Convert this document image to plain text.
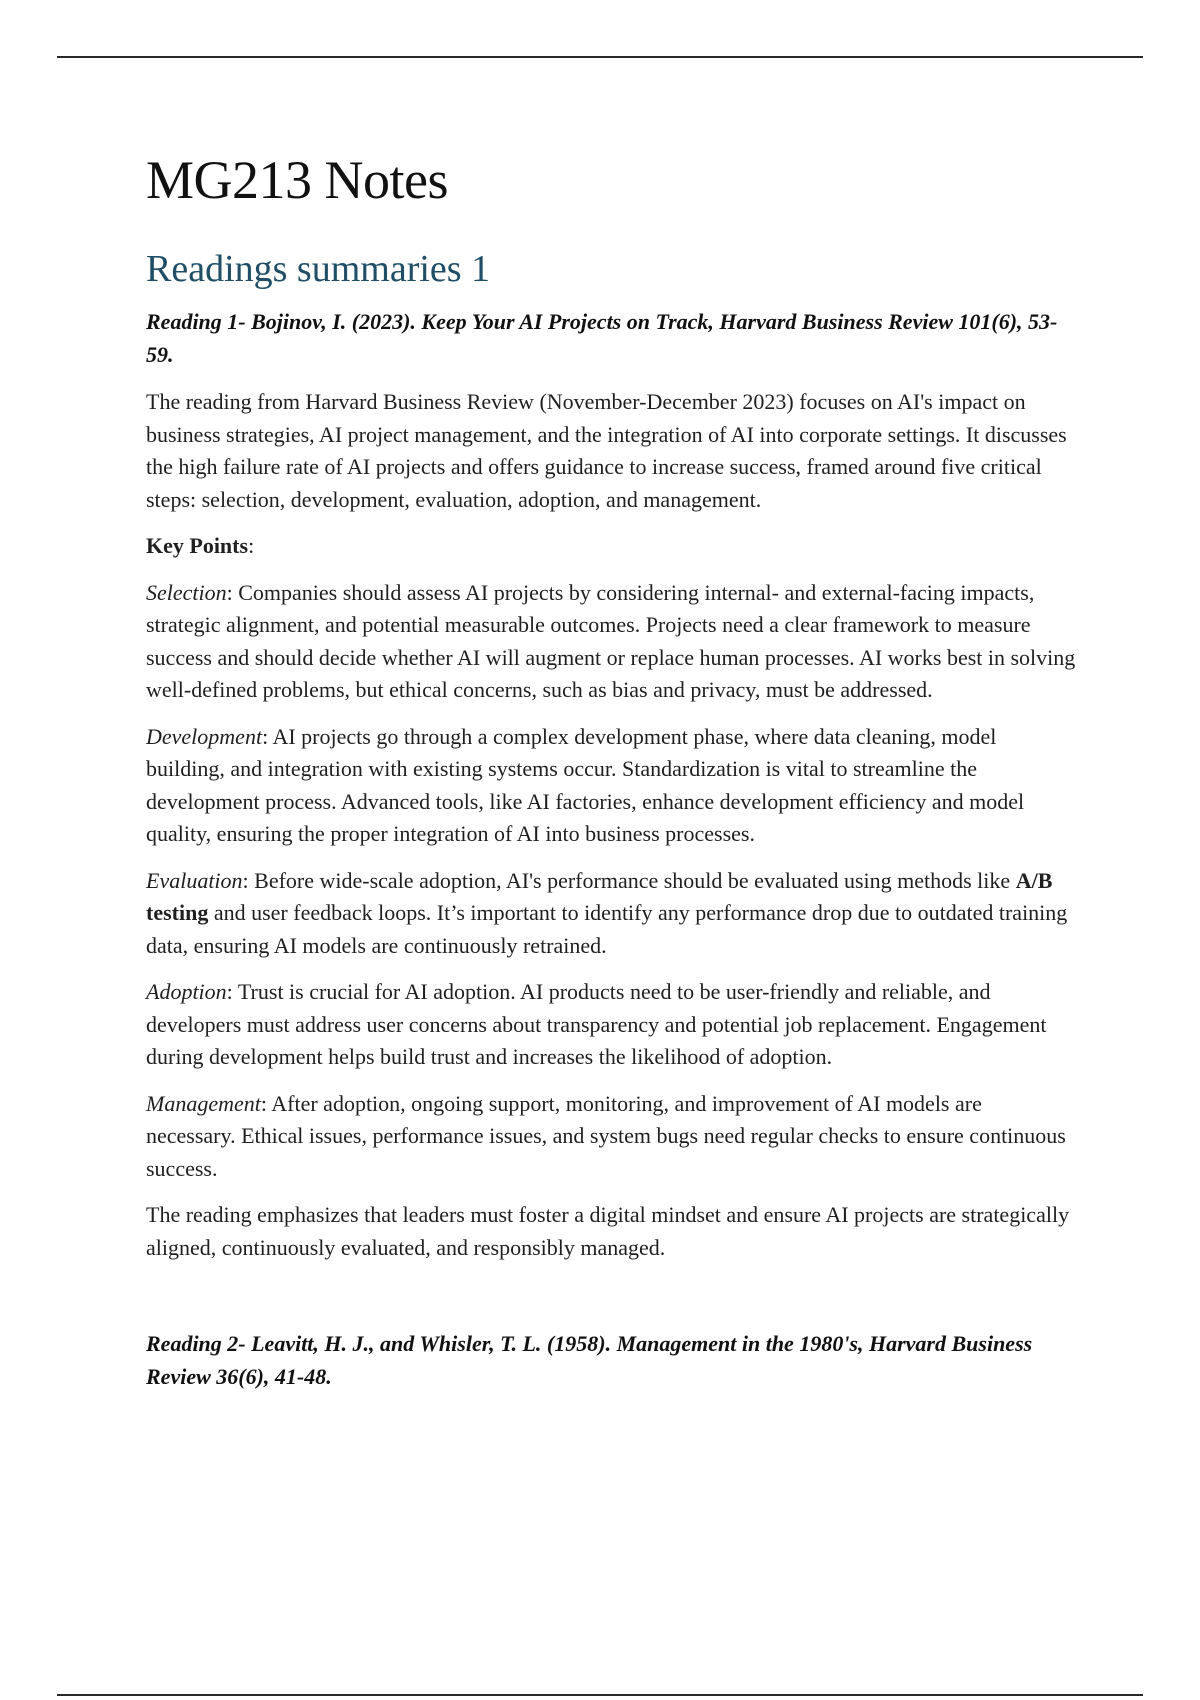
MG213 Notes
Readings summaries 1

Reading 1- Bojinov, I. (2023). Keep Your AI Projects on Track, Harvard Business Review 101(6), 53-59.

The reading from Harvard Business Review (November-December 2023) focuses on AI's impact on business strategies, AI project management, and the integration of AI into corporate settings. It discusses the high failure rate of AI projects and offers guidance to increase success, framed around five critical steps: selection, development, evaluation, adoption, and management.

Key Points:

Selection: Companies should assess AI projects by considering internal- and external-facing impacts, strategic alignment, and potential measurable outcomes. Projects need a clear framework to measure success and should decide whether AI will augment or replace human processes. AI works best in solving well-defined problems, but ethical concerns, such as bias and privacy, must be addressed.

Development: AI projects go through a complex development phase, where data cleaning, model building, and integration with existing systems occur. Standardization is vital to streamline the development process. Advanced tools, like AI factories, enhance development efficiency and model quality, ensuring the proper integration of AI into business processes.

Evaluation: Before wide-scale adoption, AI's performance should be evaluated using methods like A/B testing and user feedback loops. It’s important to identify any performance drop due to outdated training data, ensuring AI models are continuously retrained.

Adoption: Trust is crucial for AI adoption. AI products need to be user-friendly and reliable, and developers must address user concerns about transparency and potential job replacement. Engagement during development helps build trust and increases the likelihood of adoption.

Management: After adoption, ongoing support, monitoring, and improvement of AI models are necessary. Ethical issues, performance issues, and system bugs need regular checks to ensure continuous success.

The reading emphasizes that leaders must foster a digital mindset and ensure AI projects are strategically aligned, continuously evaluated, and responsibly managed.

Reading 2- Leavitt, H. J., and Whisler, T. L. (1958). Management in the 1980's, Harvard Business Review 36(6), 41-48.
